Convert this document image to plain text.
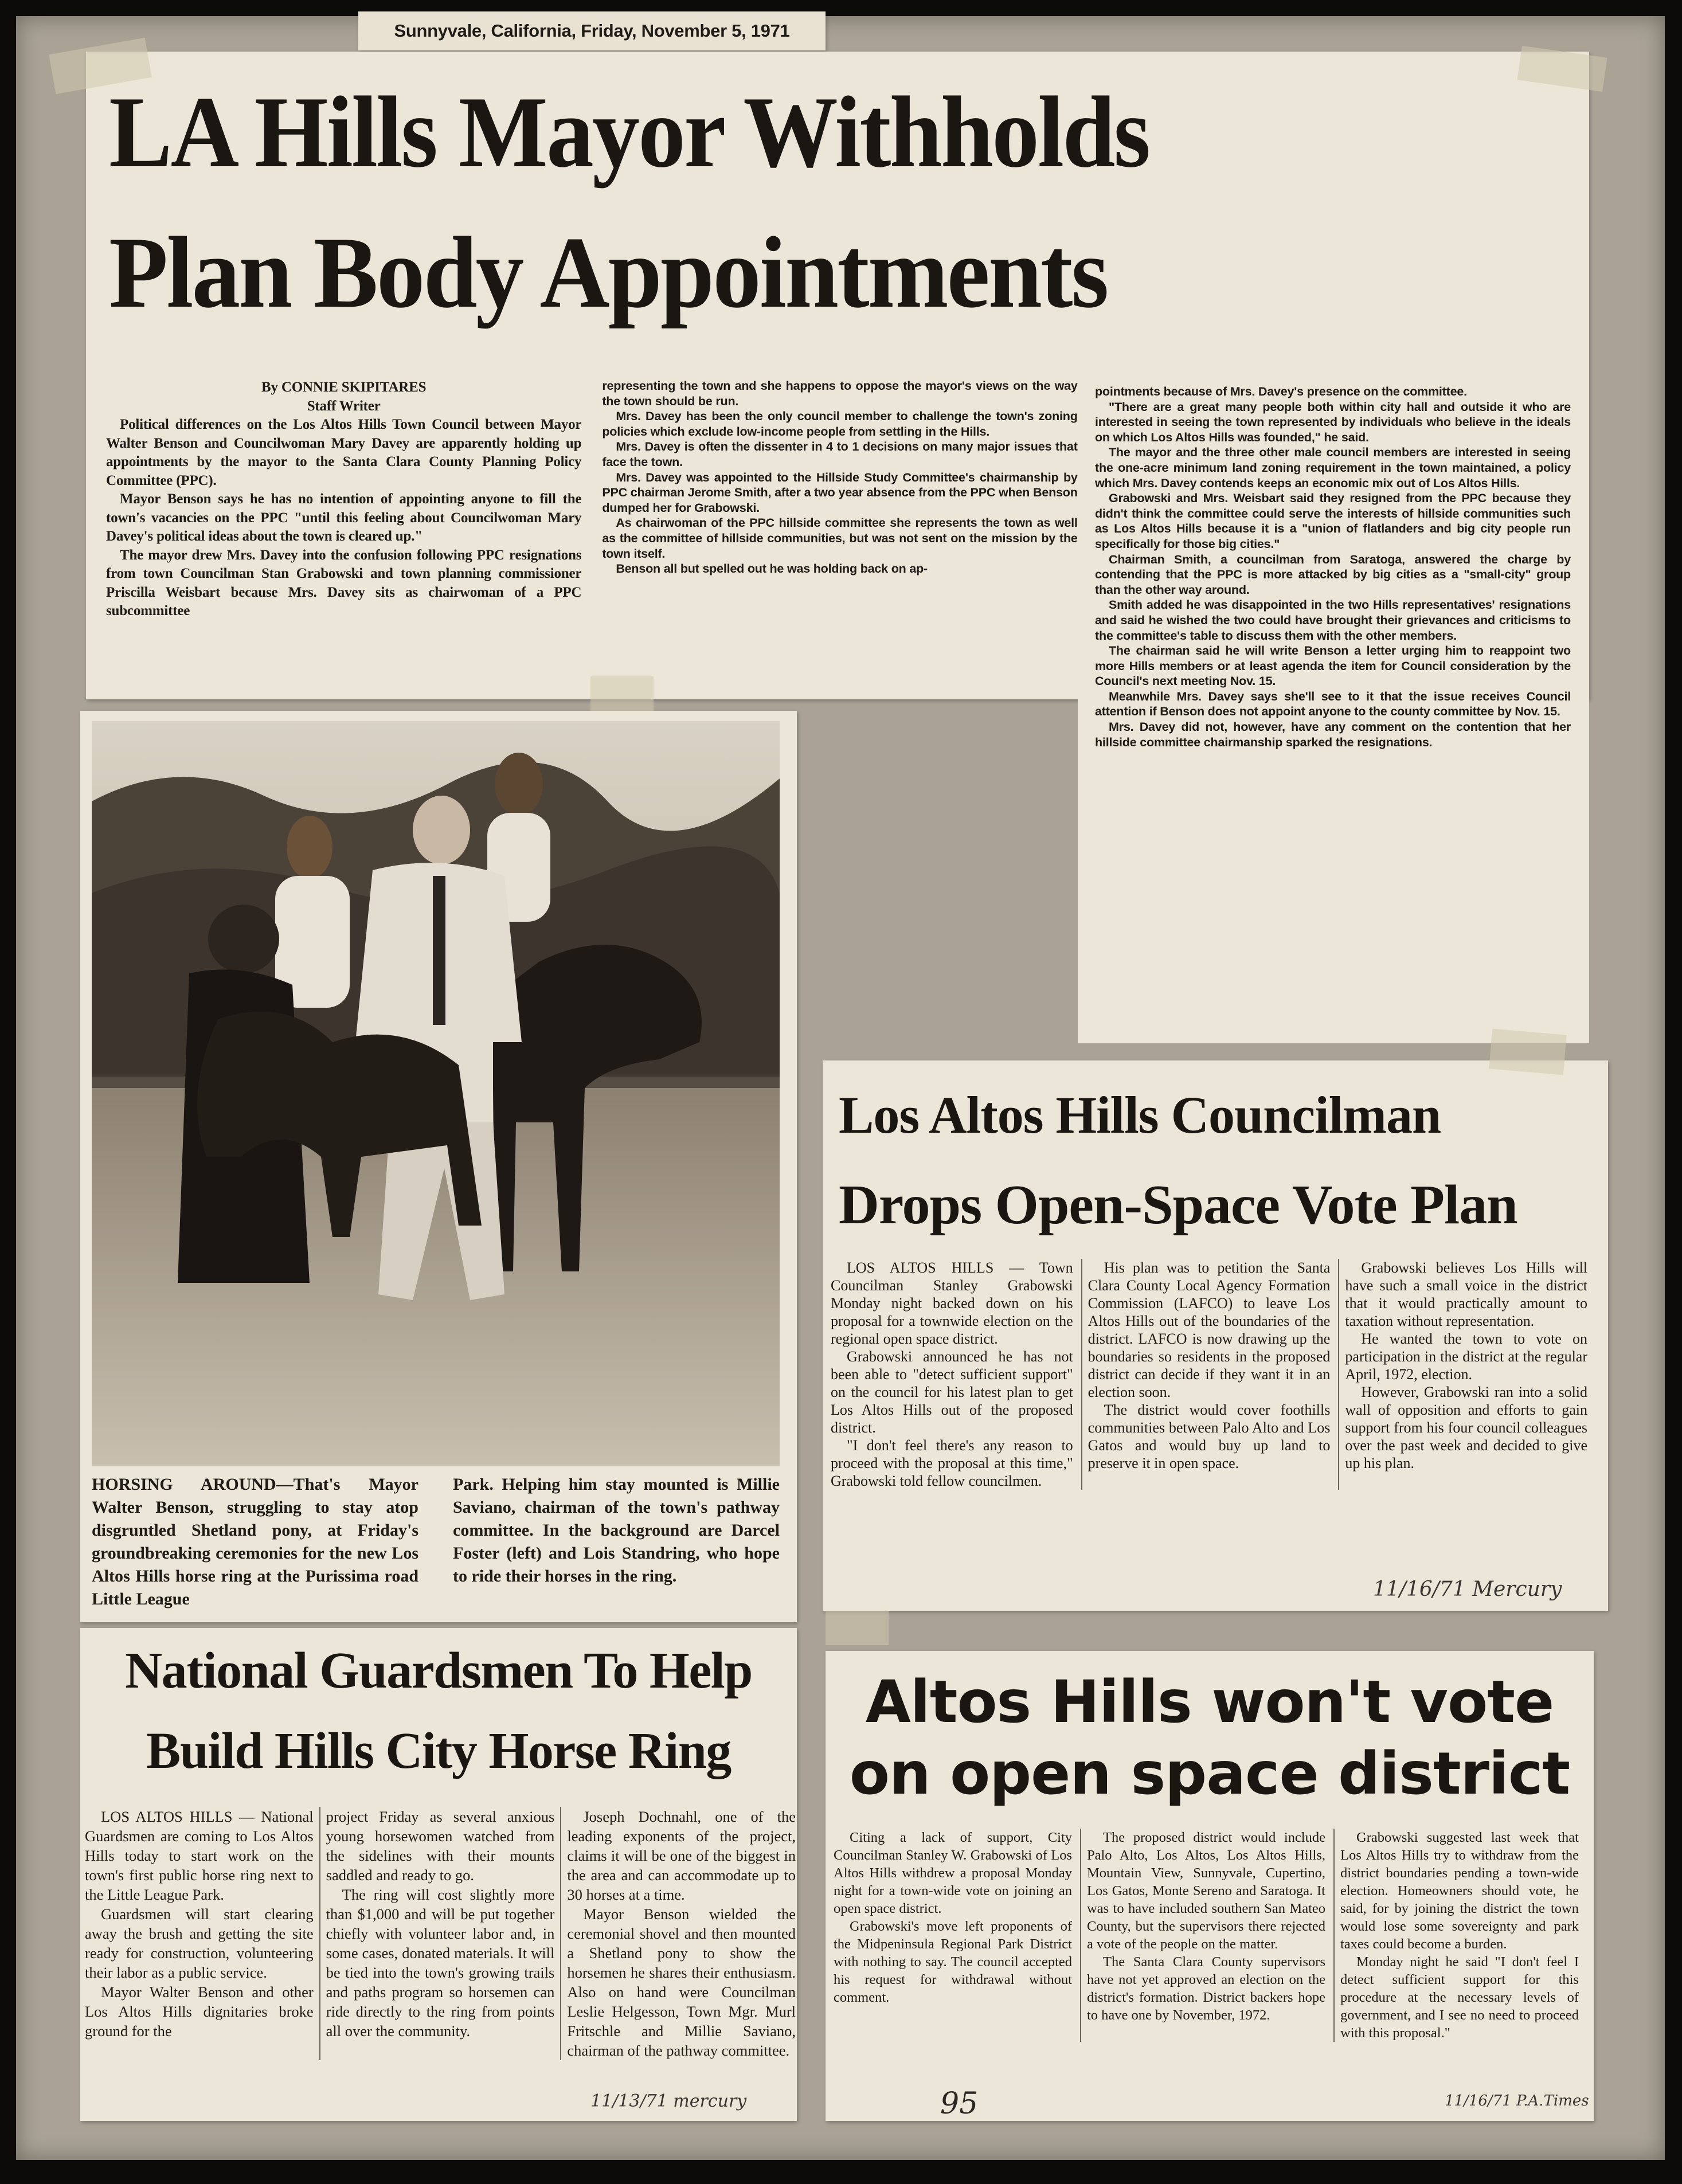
Sunnyvale, California, Friday, November 5, 1971
LA Hills Mayor Withholds
Plan Body Appointments
By CONNIE SKIPITARES
Staff Writer

Political differences on the Los Altos Hills Town Council between Mayor Walter Benson and Councilwoman Mary Davey are apparently holding up appointments by the mayor to the Santa Clara County Planning Policy Committee (PPC).

Mayor Benson says he has no intention of appointing anyone to fill the town's vacancies on the PPC "until this feeling about Councilwoman Mary Davey's political ideas about the town is cleared up."

The mayor drew Mrs. Davey into the confusion following PPC resignations from town Councilman Stan Grabowski and town planning commissioner Priscilla Weisbart because Mrs. Davey sits as chairwoman of a PPC subcommittee

representing the town and she happens to oppose the mayor's views on the way the town should be run.

Mrs. Davey has been the only council member to challenge the town's zoning policies which exclude low-income people from settling in the Hills.

Mrs. Davey is often the dissenter in 4 to 1 decisions on many major issues that face the town.

Mrs. Davey was appointed to the Hillside Study Committee's chairmanship by PPC chairman Jerome Smith, after a two year absence from the PPC when Benson dumped her for Grabowski.

As chairwoman of the PPC hillside committee she represents the town as well as the committee of hillside communities, but was not sent on the mission by the town itself.

Benson all but spelled out he was holding back on ap-

pointments because of Mrs. Davey's presence on the committee.

"There are a great many people both within city hall and outside it who are interested in seeing the town represented by individuals who believe in the ideals on which Los Altos Hills was founded," he said.

The mayor and the three other male council members are interested in seeing the one-acre minimum land zoning requirement in the town maintained, a policy which Mrs. Davey contends keeps an economic mix out of Los Altos Hills.

Grabowski and Mrs. Weisbart said they resigned from the PPC because they didn't think the committee could serve the interests of hillside communities such as Los Altos Hills because it is a "union of flatlanders and big city people run specifically for those big cities."

Chairman Smith, a councilman from Saratoga, answered the charge by contending that the PPC is more attacked by big cities as a "small-city" group than the other way around.

Smith added he was disappointed in the two Hills representatives' resignations and said he wished the two could have brought their grievances and criticisms to the committee's table to discuss them with the other members.

The chairman said he will write Benson a letter urging him to reappoint two more Hills members or at least agenda the item for Council consideration by the Council's next meeting Nov. 15.

Meanwhile Mrs. Davey says she'll see to it that the issue receives Council attention if Benson does not appoint anyone to the county committee by Nov. 15.

Mrs. Davey did not, however, have any comment on the contention that her hillside committee chairmanship sparked the resignations.

HORSING AROUND—That's Mayor Walter Benson, struggling to stay atop disgruntled Shetland pony, at Friday's groundbreaking ceremonies for the new Los Altos Hills horse ring at the Purissima road Little League

Park. Helping him stay mounted is Millie Saviano, chairman of the town's pathway committee. In the background are Darcel Foster (left) and Lois Standring, who hope to ride their horses in the ring.

Los Altos Hills Councilman
Drops Open-Space Vote Plan

LOS ALTOS HILLS — Town Councilman Stanley Grabowski Monday night backed down on his proposal for a townwide election on the regional open space district.

Grabowski announced he has not been able to "detect sufficient support" on the council for his latest plan to get Los Altos Hills out of the proposed district.

"I don't feel there's any reason to proceed with the proposal at this time," Grabowski told fellow councilmen.

His plan was to petition the Santa Clara County Local Agency Formation Commission (LAFCO) to leave Los Altos Hills out of the boundaries of the district. LAFCO is now drawing up the boundaries so residents in the proposed district can decide if they want it in an election soon.

The district would cover foothills communities between Palo Alto and Los Gatos and would buy up land to preserve it in open space.

Grabowski believes Los Hills will have such a small voice in the district that it would practically amount to taxation without representation.

He wanted the town to vote on participation in the district at the regular April, 1972, election.

However, Grabowski ran into a solid wall of opposition and efforts to gain support from his four council colleagues over the past week and decided to give up his plan.

11/16/71 Mercury
National Guardsmen To Help
Build Hills City Horse Ring

LOS ALTOS HILLS — National Guardsmen are coming to Los Altos Hills today to start work on the town's first public horse ring next to the Little League Park.

Guardsmen will start clearing away the brush and getting the site ready for construction, volunteering their labor as a public service.

Mayor Walter Benson and other Los Altos Hills dignitaries broke ground for the

project Friday as several anxious young horsewomen watched from the sidelines with their mounts saddled and ready to go.

The ring will cost slightly more than $1,000 and will be put together chiefly with volunteer labor and, in some cases, donated materials. It will be tied into the town's growing trails and paths program so horsemen can ride directly to the ring from points all over the community.

Joseph Dochnahl, one of the leading exponents of the project, claims it will be one of the biggest in the area and can accommodate up to 30 horses at a time.

Mayor Benson wielded the ceremonial shovel and then mounted a Shetland pony to show the horsemen he shares their enthusiasm. Also on hand were Councilman Leslie Helgesson, Town Mgr. Murl Fritschle and Millie Saviano, chairman of the pathway committee.

11/13/71 mercury
Altos Hills won't vote
on open space district

Citing a lack of support, City Councilman Stanley W. Grabowski of Los Altos Hills withdrew a proposal Monday night for a town-wide vote on joining an open space district.

Grabowski's move left proponents of the Midpeninsula Regional Park District with nothing to say. The council accepted his request for withdrawal without comment.

The proposed district would include Palo Alto, Los Altos, Los Altos Hills, Mountain View, Sunnyvale, Cupertino, Los Gatos, Monte Sereno and Saratoga. It was to have included southern San Mateo County, but the supervisors there rejected a vote of the people on the matter.

The Santa Clara County supervisors have not yet approved an election on the district's formation. District backers hope to have one by November, 1972.

Grabowski suggested last week that Los Altos Hills try to withdraw from the district boundaries pending a town-wide election. Homeowners should vote, he said, for by joining the district the town would lose some sovereignty and park taxes could become a burden.

Monday night he said "I don't feel I detect sufficient support for this procedure at the necessary levels of government, and I see no need to proceed with this proposal."

11/16/71 P.A.Times
95
